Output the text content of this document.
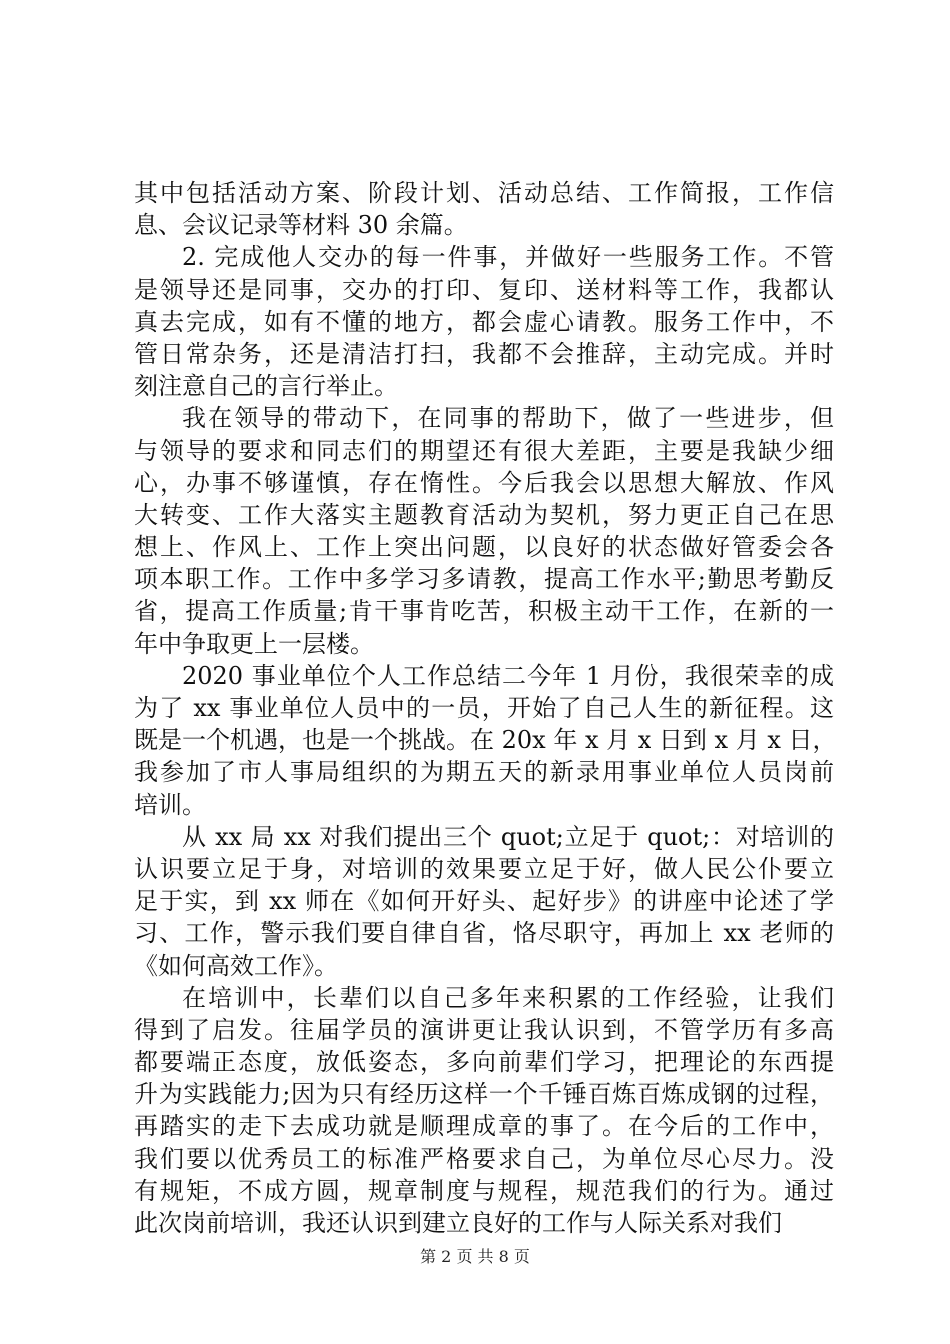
其中包括活动方案、阶段计划、活动总结、工作简报，工作信
息、会议记录等材料 30 余篇。
2. 完成他人交办的每一件事，并做好一些服务工作。不管
是领导还是同事，交办的打印、复印、送材料等工作，我都认
真去完成，如有不懂的地方，都会虚心请教。服务工作中，不
管日常杂务，还是清洁打扫，我都不会推辞，主动完成。并时
刻注意自己的言行举止。
我在领导的带动下，在同事的帮助下，做了一些进步，但
与领导的要求和同志们的期望还有很大差距，主要是我缺少细
心，办事不够谨慎，存在惰性。今后我会以思想大解放、作风
大转变、工作大落实主题教育活动为契机，努力更正自己在思
想上、作风上、工作上突出问题，以良好的状态做好管委会各
项本职工作。工作中多学习多请教，提高工作水平;勤思考勤反
省，提高工作质量;肯干事肯吃苦，积极主动干工作，在新的一
年中争取更上一层楼。
2020 事业单位个人工作总结二今年 1 月份，我很荣幸的成
为了 xx 事业单位人员中的一员，开始了自己人生的新征程。这
既是一个机遇，也是一个挑战。在 20x 年 x 月 x 日到 x 月 x 日，
我参加了市人事局组织的为期五天的新录用事业单位人员岗前
培训。
从 xx 局 xx 对我们提出三个 quot;立足于 quot;：对培训的
认识要立足于身，对培训的效果要立足于好，做人民公仆要立
足于实，到 xx 师在《如何开好头、起好步》的讲座中论述了学
习、工作，警示我们要自律自省，恪尽职守，再加上 xx 老师的
《如何高效工作》。
在培训中，长辈们以自己多年来积累的工作经验，让我们
得到了启发。往届学员的演讲更让我认识到，不管学历有多高
都要端正态度，放低姿态，多向前辈们学习，把理论的东西提
升为实践能力;因为只有经历这样一个千锤百炼百炼成钢的过程，
再踏实的走下去成功就是顺理成章的事了。在今后的工作中，
我们要以优秀员工的标准严格要求自己，为单位尽心尽力。没
有规矩，不成方圆，规章制度与规程，规范我们的行为。通过
此次岗前培训，我还认识到建立良好的工作与人际关系对我们
第 2 页 共 8 页
